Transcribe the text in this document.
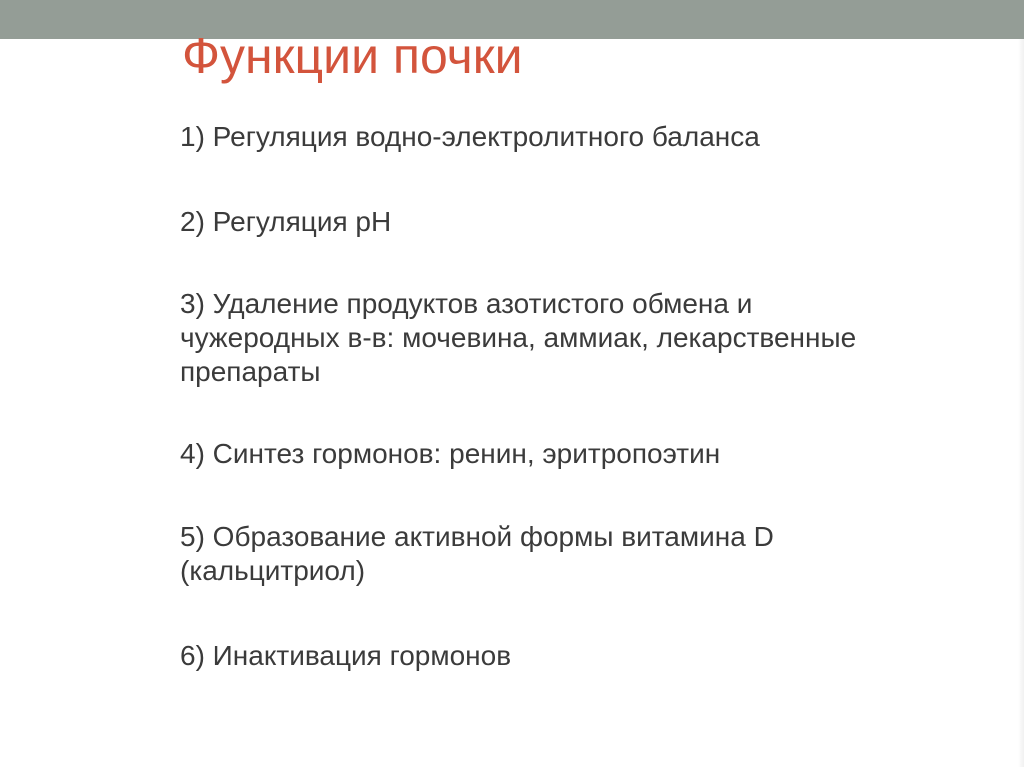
Функции почки

1) Регуляция водно-электролитного баланса

2) Регуляция pH

3) Удаление продуктов азотистого обмена и
чужеродных в-в: мочевина, аммиак, лекарственные
препараты

4) Синтез гормонов: ренин, эритропоэтин

5) Образование активной формы витамина D
(кальцитриол)

6) Инактивация гормонов
